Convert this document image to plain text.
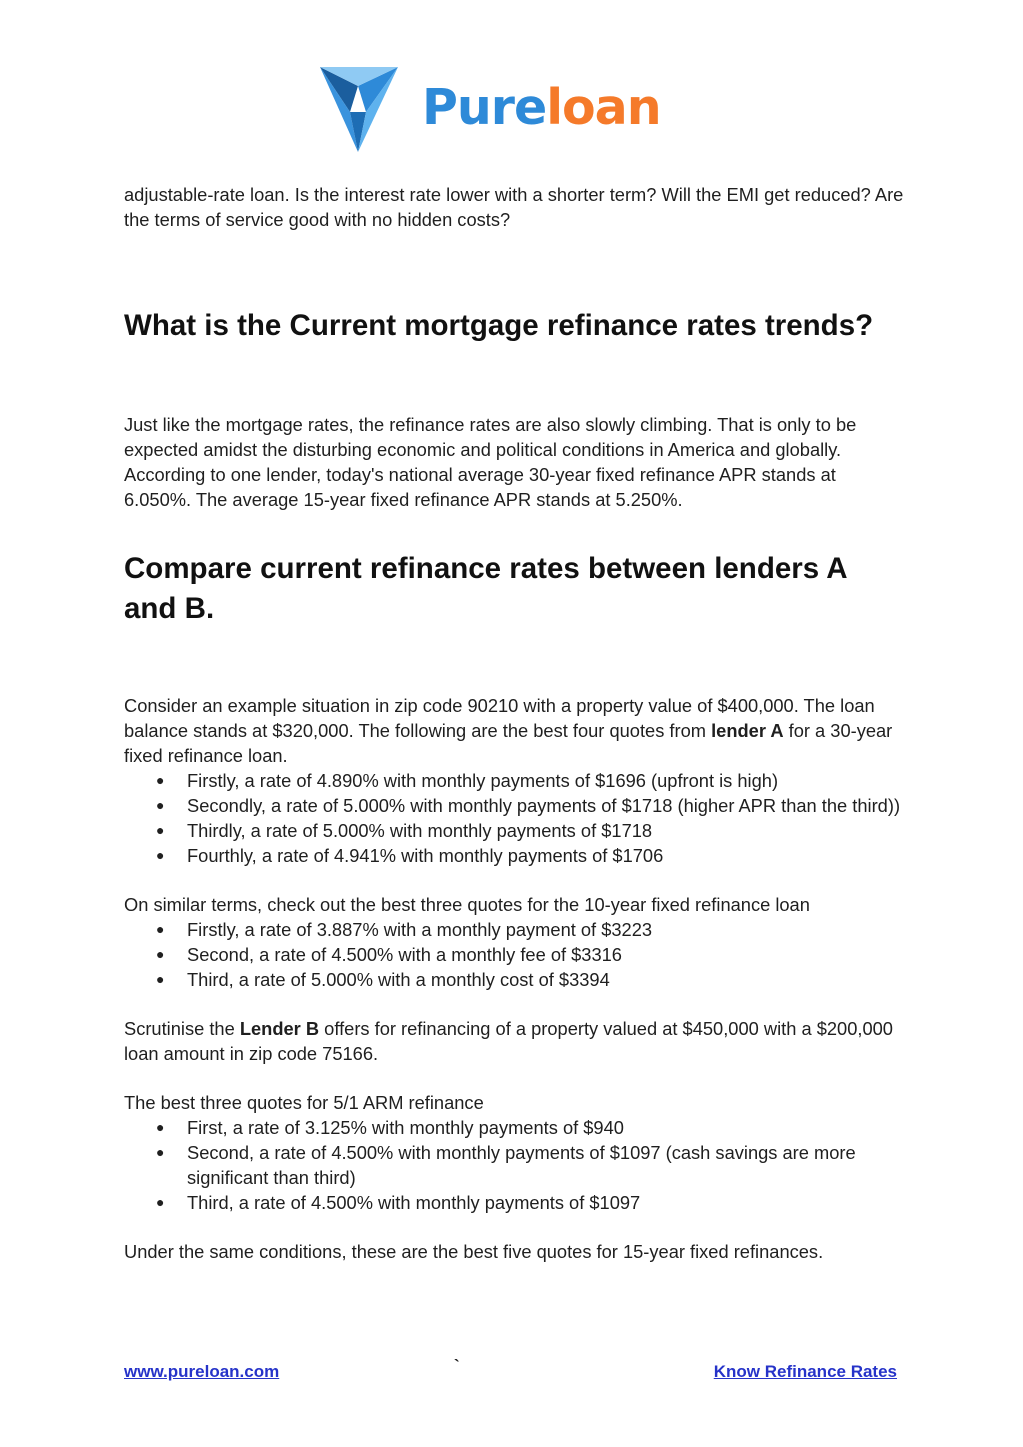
Pureloan

adjustable-rate loan. Is the interest rate lower with a shorter term? Will the EMI get reduced? Are the terms of service good with no hidden costs?

What is the Current mortgage refinance rates trends?

Just like the mortgage rates, the refinance rates are also slowly climbing. That is only to be expected amidst the disturbing economic and political conditions in America and globally. According to one lender, today's national average 30-year fixed refinance APR stands at 6.050%. The average 15-year fixed refinance APR stands at 5.250%.

Compare current refinance rates between lenders A and B.

Consider an example situation in zip code 90210 with a property value of $400,000. The loan balance stands at $320,000. The following are the best four quotes from lender A for a 30-year fixed refinance loan.

● Firstly, a rate of 4.890% with monthly payments of $1696 (upfront is high)
● Secondly, a rate of 5.000% with monthly payments of $1718 (higher APR than the third))
● Thirdly, a rate of 5.000% with monthly payments of $1718
● Fourthly, a rate of 4.941% with monthly payments of $1706

On similar terms, check out the best three quotes for the 10-year fixed refinance loan

● Firstly, a rate of 3.887% with a monthly payment of $3223
● Second, a rate of 4.500% with a monthly fee of $3316
● Third, a rate of 5.000% with a monthly cost of $3394

Scrutinise the Lender B offers for refinancing of a property valued at $450,000 with a $200,000 loan amount in zip code 75166.

The best three quotes for 5/1 ARM refinance

● First, a rate of 3.125% with monthly payments of $940
● Second, a rate of 4.500% with monthly payments of $1097 (cash savings are more significant than third)
● Third, a rate of 4.500% with monthly payments of $1097

Under the same conditions, these are the best five quotes for 15-year fixed refinances.

www.pureloan.com	`	Know Refinance Rates
